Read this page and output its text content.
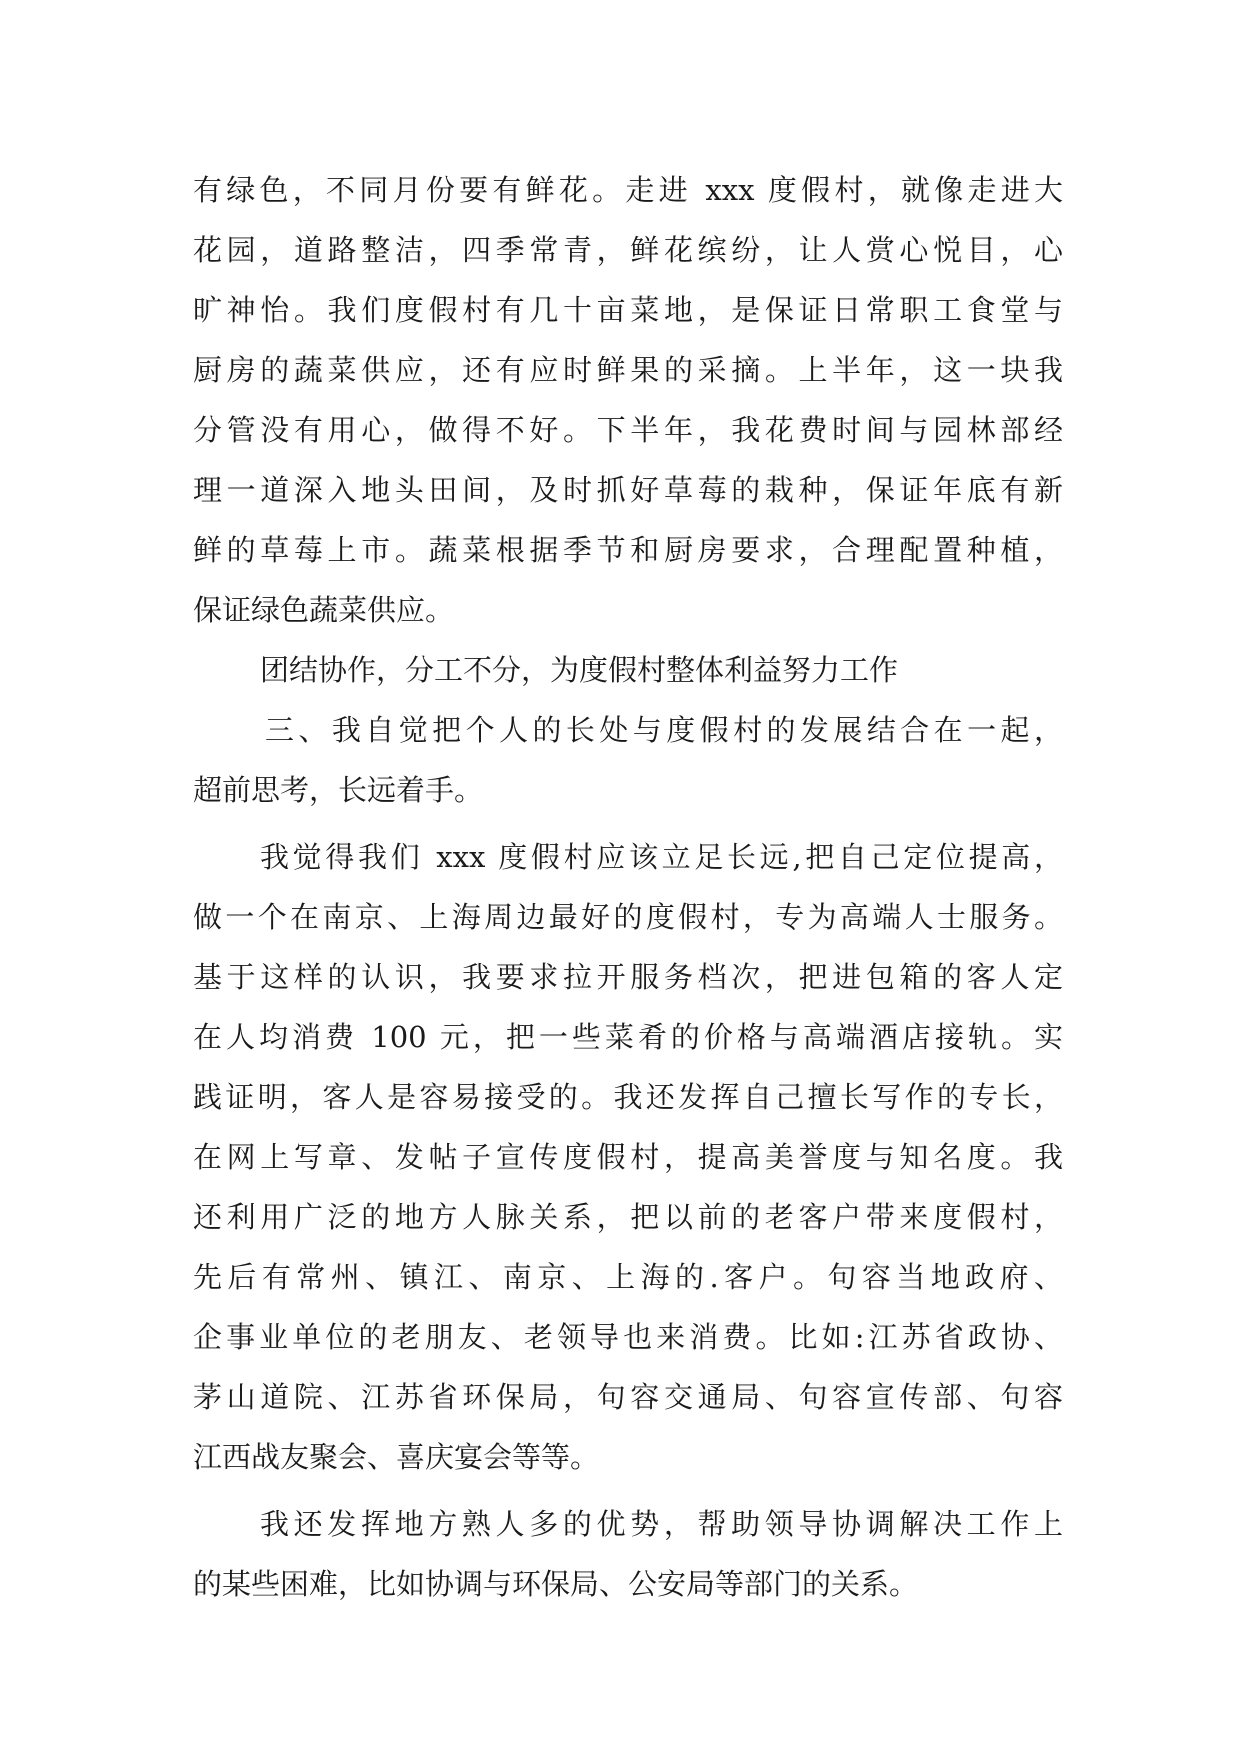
有绿色，不同月份要有鲜花。走进 xxx 度假村，就像走进大
花园，道路整洁，四季常青，鲜花缤纷，让人赏心悦目，心
旷神怡。我们度假村有几十亩菜地，是保证日常职工食堂与
厨房的蔬菜供应，还有应时鲜果的采摘。上半年，这一块我
分管没有用心，做得不好。下半年，我花费时间与园林部经
理一道深入地头田间，及时抓好草莓的栽种，保证年底有新
鲜的草莓上市。蔬菜根据季节和厨房要求，合理配置种植，
保证绿色蔬菜供应。
团结协作，分工不分，为度假村整体利益努力工作
三、我自觉把个人的长处与度假村的发展结合在一起，
超前思考，长远着手。
我觉得我们 xxx 度假村应该立足长远,把自己定位提高，
做一个在南京、上海周边最好的度假村，专为高端人士服务。
基于这样的认识，我要求拉开服务档次，把进包箱的客人定
在人均消费 100 元，把一些菜肴的价格与高端酒店接轨。实
践证明，客人是容易接受的。我还发挥自己擅长写作的专长，
在网上写章、发帖子宣传度假村，提高美誉度与知名度。我
还利用广泛的地方人脉关系，把以前的老客户带来度假村，
先后有常州、镇江、南京、上海的.客户。句容当地政府、
企事业单位的老朋友、老领导也来消费。比如:江苏省政协、
茅山道院、江苏省环保局，句容交通局、句容宣传部、句容
江西战友聚会、喜庆宴会等等。
我还发挥地方熟人多的优势，帮助领导协调解决工作上
的某些困难，比如协调与环保局、公安局等部门的关系。
